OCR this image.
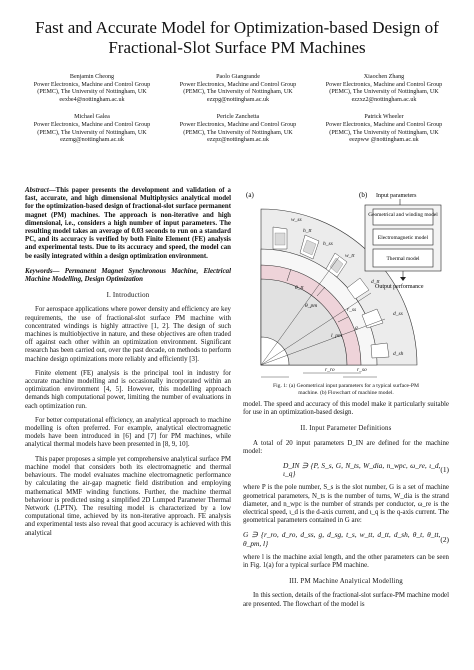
Fast and Accurate Model for Optimization-based Design of Fractional-Slot Surface PM Machines
Benjamin Cheong
Power Electronics, Machine and Control Group (PEMC), The University of Nottingham, UK
eexbe4@nottingham.ac.uk
Paolo Giangrande
Power Electronics, Machine and Control Group (PEMC), The University of Nottingham, UK
ezzpg@nottingham.ac.uk
Xiaochen Zhang
Power Electronics, Machine and Control Group (PEMC), The University of Nottingham, UK
ezzxz2@nottingham.ac.uk
Michael Galea
Power Electronics, Machine and Control Group (PEMC), The University of Nottingham, UK
ezzmg@nottingham.ac.uk
Pericle Zanchetta
Power Electronics, Machine and Control Group (PEMC), The University of Nottingham, UK
ezzpz@nottingham.ac.uk
Patrick Wheeler
Power Electronics, Machine and Control Group (PEMC), The University of Nottingham, UK
eezpww @nottingham.ac.uk

Abstract—This paper presents the development and validation of a fast, accurate, and high dimensional Multiphysics analytical model for the optimization-based design of fractional-slot surface permanent magnet (PM) machines. The approach is non-iterative and high dimensional, i.e., considers a high number of input parameters. The resulting model takes an average of 0.03 seconds to run on a standard PC, and its accuracy is verified by both Finite Element (FE) analysis and experimental tests. Due to its accuracy and speed, the model can be easily integrated within a design optimization environment.

Keywords— Permanent Magnet Synchronous Machine, Electrical Machine Modelling, Design Optimization

I. Introduction

For aerospace applications where power density and efficiency are key requirements, the use of fractional-slot surface PM machine with concentrated windings is highly attractive [1, 2]. The design of such machines is multiobjective in nature, and these objectives are often traded off against each other within an optimization environment. Significant research has been carried out, over the past decade, on methods to perform machine design optimizations more reliably and efficiently [3].

Finite element (FE) analysis is the principal tool in industry for accurate machine modelling and is occasionally incorporated within an optimization environment [4, 5]. However, this modelling approach demands high computational power, limiting the number of evaluations in each optimization run.

For better computational efficiency, an analytical approach to machine modelling is often preferred. For example, analytical electromagnetic models have been introduced in [6] and [7] for PM machines, while analytical thermal models have been presented in [8, 9, 10].

This paper proposes a simple yet comprehensive analytical surface PM machine model that considers both its electromagnetic and thermal behaviours. The model evaluates machine electromagnetic performance by calculating the air-gap magnetic field distribution and employing mathematical MMF winding functions. Further, the machine thermal behaviour is predicted using a simplified 2D Lumped Parameter Thermal Network (LPTN). The resulting model is characterized by a low computational time, achieved by its non-iterative approach. FE analysis and experimental tests also reveal that good accuracy is achieved with this analytical

(a)	(b)
w_ss
h_tt
h_ss
w_tt
d_tt
d_ss
θ_tt
θ_pm
r_ss
d_sh
r_so
r_ro
l_pm
g
Input parameters
Geometrical and winding model
Electromagnetic model
Thermal model
Output performance
Fig. 1: (a) Geometrical input parameters for a typical surface-PM machine. (b) Flowchart of machine model.

model. The speed and accuracy of this model make it particularly suitable for use in an optimization-based design.

II. Input Parameter Definitions

A total of 20 input parameters D_IN are defined for the machine model:

D_IN ∋ {P, S_s, G, N_ts, W_dia, n_wpc, ω_re, ι_d, ι_q}	(1)

where P is the pole number, S_s is the slot number, G is a set of machine geometrical parameters, N_ts is the number of turns, W_dia is the strand diameter, and n_wpc is the number of strands per conductor, ω_re is the electrical speed, ι_d is the d-axis current, and ι_q is the q-axis current. The geometrical parameters contained in G are:

G ∋ {r_ro, d_ro, d_ss, g, d_sg, t_s, w_tt, d_tt, d_sh, θ_t, θ_tt, θ_pm, l}	(2)

where l is the machine axial length, and the other parameters can be seen in Fig. 1(a) for a typical surface PM machine.

III. PM Machine Analytical Modelling

In this section, details of the fractional-slot surface-PM machine model are presented. The flowchart of the model is
